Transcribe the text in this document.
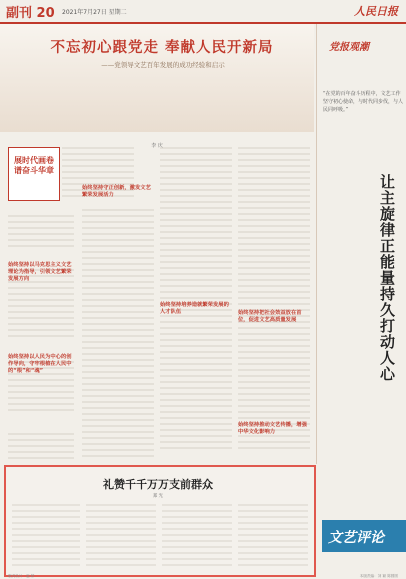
副刊 20 2021年7月27日 星期二	人民日报
不忘初心跟党走 奉献人民开新局
——党领导文艺百年发展的成功经验和启示
李 庆
展时代画卷 谱奋斗华章
始终坚持以马克思主义文艺理论为指导，引领文艺繁荣发展方向
始终坚持以人民为中心的创作导向，守牢根植在人民中的“根”和“魂”
始终坚持守正创新，激发文艺繁荣发展活力
始终坚持培养造就繁荣发展的人才队伍	始终坚持把社会效益放在首位，促进文艺高质量发展
始终坚持推动文艺传播，增强中华文化影响力
党报观潮
“在党的百年奋斗历程中，文艺工作坚守初心使命，与时代同步伐，与人民同呼吸。”
让主旋律正能量持久打动人心
礼赞千千万万支前群众
郑 光
文艺评论
版式设计：赵 婷	本版责编：刘 颖 陈圆圆
